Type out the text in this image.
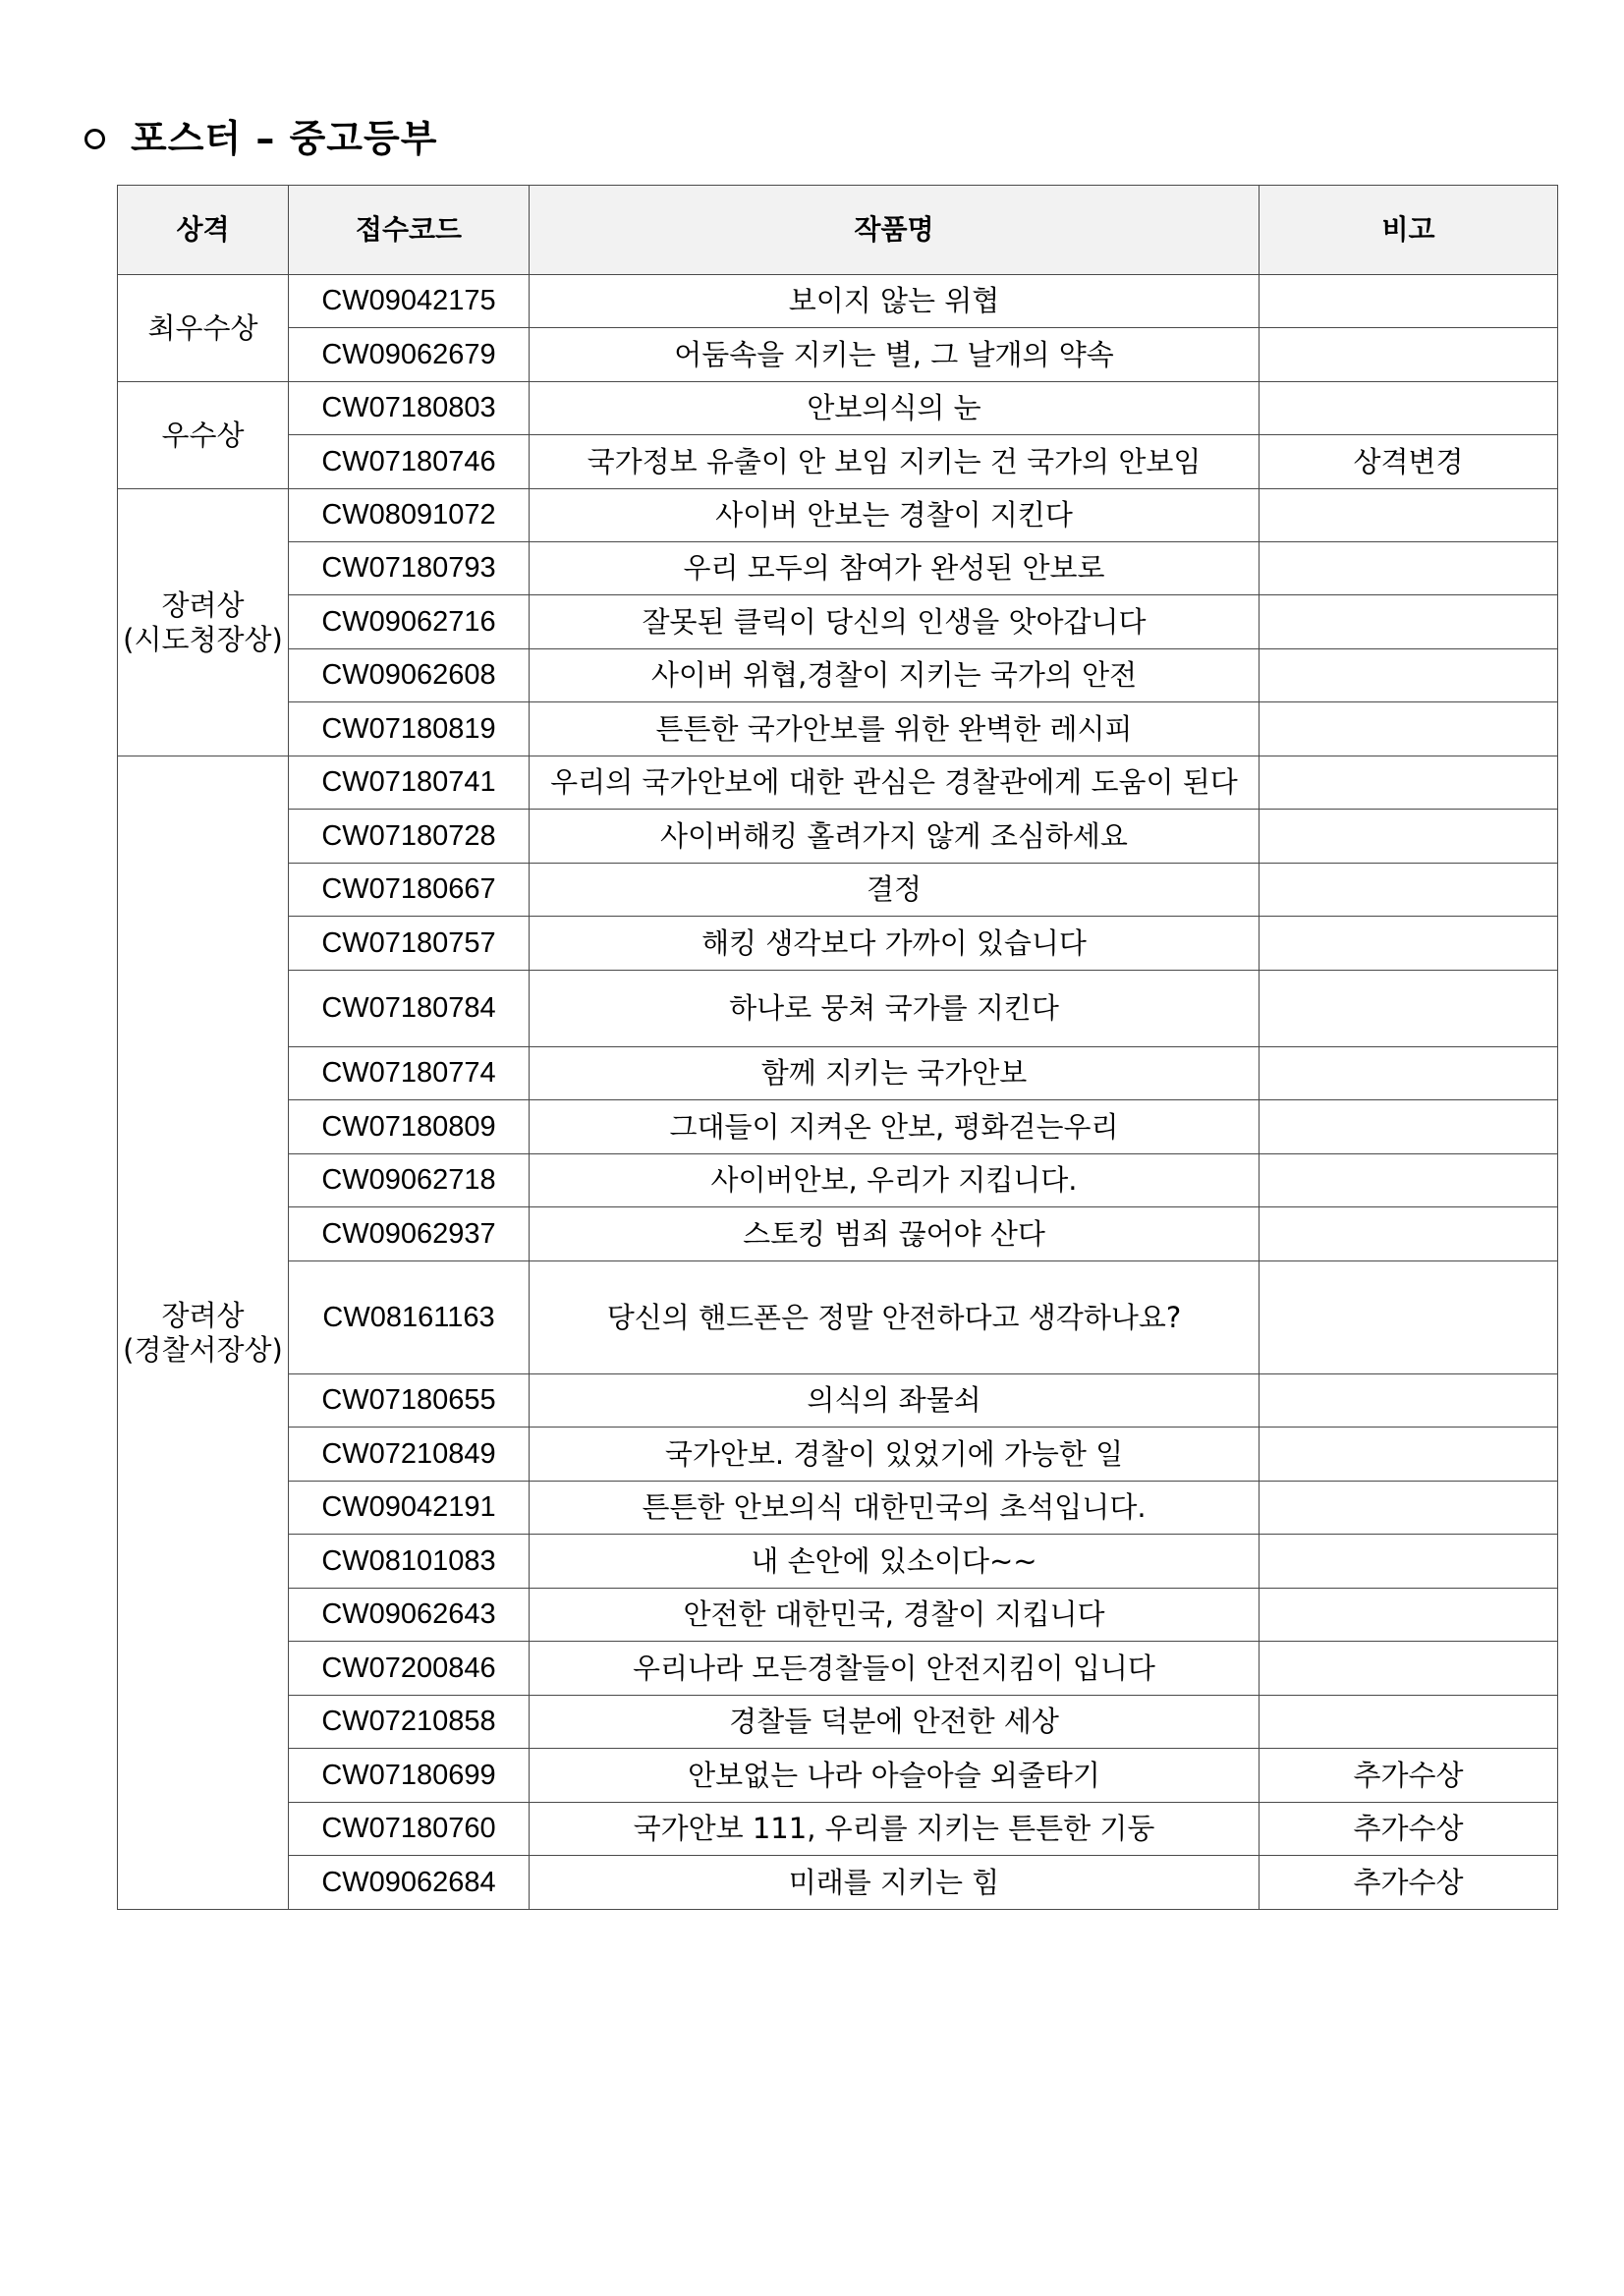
포스터 – 중고등부
상격	접수코드	작품명	비고

최우수상	CW09042175	보이지 않는 위협	
	CW09062679	어둠속을 지키는 별, 그 날개의 약속	

우수상	CW07180803	안보의식의 눈	
	CW07180746	국가정보 유출이 안 보임 지키는 건 국가의 안보임	상격변경

장려상
(시도청장상)	CW08091072	사이버 안보는 경찰이 지킨다	
	CW07180793	우리 모두의 참여가 완성된 안보로	
	CW09062716	잘못된 클릭이 당신의 인생을 앗아갑니다	
	CW09062608	사이버 위협,경찰이 지키는 국가의 안전	
	CW07180819	튼튼한 국가안보를 위한 완벽한 레시피	

장려상
(경찰서장상)	CW07180741	우리의 국가안보에 대한 관심은 경찰관에게 도움이 된다	
	CW07180728	사이버해킹 홀려가지 않게 조심하세요	
	CW07180667	결정	
	CW07180757	해킹 생각보다 가까이 있습니다	
	CW07180784	하나로 뭉쳐 국가를 지킨다	
	CW07180774	함께 지키는 국가안보	
	CW07180809	그대들이 지켜온 안보, 평화걷는우리	
	CW09062718	사이버안보, 우리가 지킵니다.	
	CW09062937	스토킹 범죄 끊어야 산다	
	CW08161163	당신의 핸드폰은 정말 안전하다고 생각하나요?	
	CW07180655	의식의 좌물쇠	
	CW07210849	국가안보. 경찰이 있었기에 가능한 일	
	CW09042191	튼튼한 안보의식 대한민국의 초석입니다.	
	CW08101083	내 손안에 있소이다~~	
	CW09062643	안전한 대한민국, 경찰이 지킵니다	
	CW07200846	우리나라 모든경찰들이 안전지킴이 입니다	
	CW07210858	경찰들 덕분에 안전한 세상	
	CW07180699	안보없는 나라 아슬아슬 외줄타기	추가수상
	CW07180760	국가안보 111, 우리를 지키는 튼튼한 기둥	추가수상
	CW09062684	미래를 지키는 힘	추가수상
